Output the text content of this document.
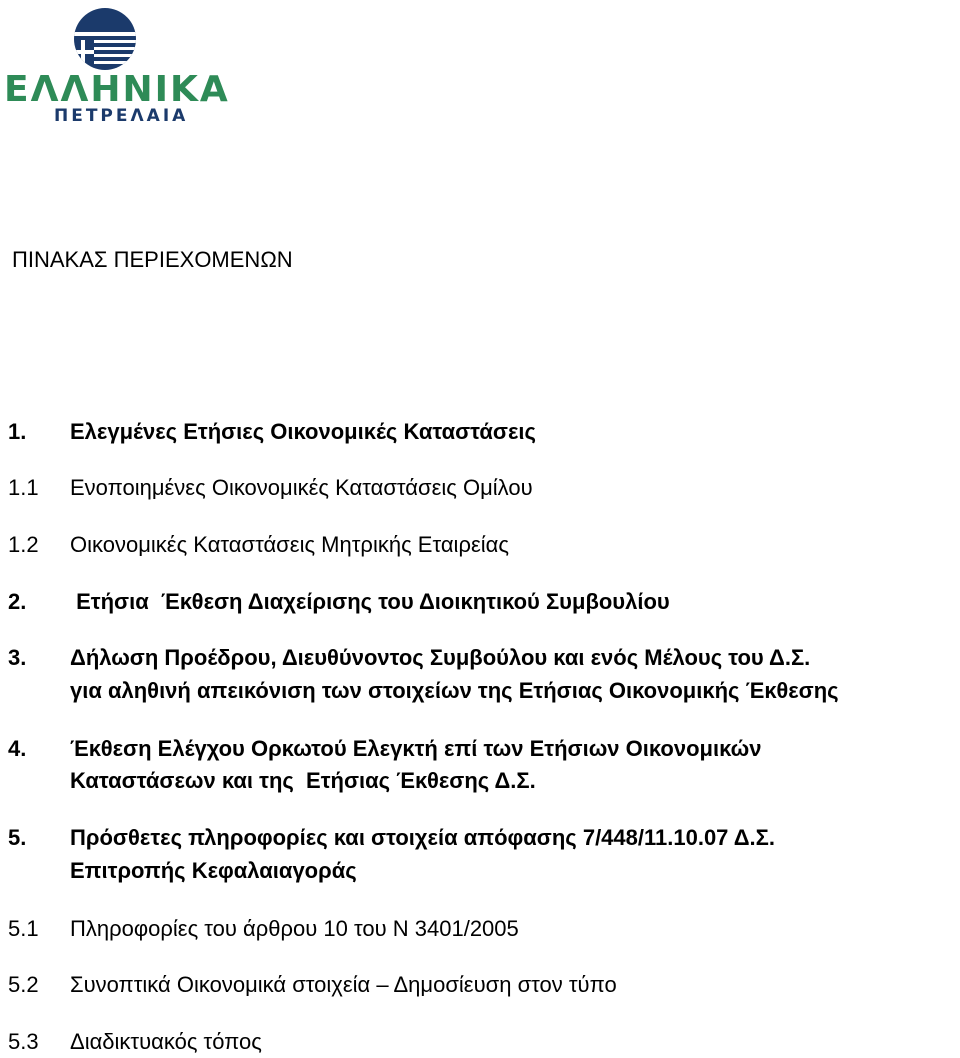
ΕΛΛΗΝΙΚΑ
ΠΕΤΡΕΛΑΙΑ
ΠΙΝΑΚΑΣ ΠΕΡΙΕΧΟΜΕΝΩΝ
1. Ελεγμένες Ετήσιες Οικονομικές Καταστάσεις
1.1 Ενοποιημένες Οικονομικές Καταστάσεις Ομίλου
1.2 Οικονομικές Καταστάσεις Μητρικής Εταιρείας
2. Ετήσια  Έκθεση Διαχείρισης του Διοικητικού Συμβουλίου
3. Δήλωση Προέδρου, Διευθύνοντος Συμβούλου και ενός Μέλους του Δ.Σ.
για αληθινή απεικόνιση των στοιχείων της Ετήσιας Οικονομικής Έκθεσης
4. Έκθεση Ελέγχου Ορκωτού Ελεγκτή επί των Ετήσιων Οικονομικών
Καταστάσεων και της  Ετήσιας Έκθεσης Δ.Σ.
5. Πρόσθετες πληροφορίες και στοιχεία απόφασης 7/448/11.10.07 Δ.Σ.
Επιτροπής Κεφαλαιαγοράς
5.1 Πληροφορίες του άρθρου 10 του Ν 3401/2005
5.2 Συνοπτικά Οικονομικά στοιχεία – Δημοσίευση στον τύπο
5.3 Διαδικτυακός τόπος
